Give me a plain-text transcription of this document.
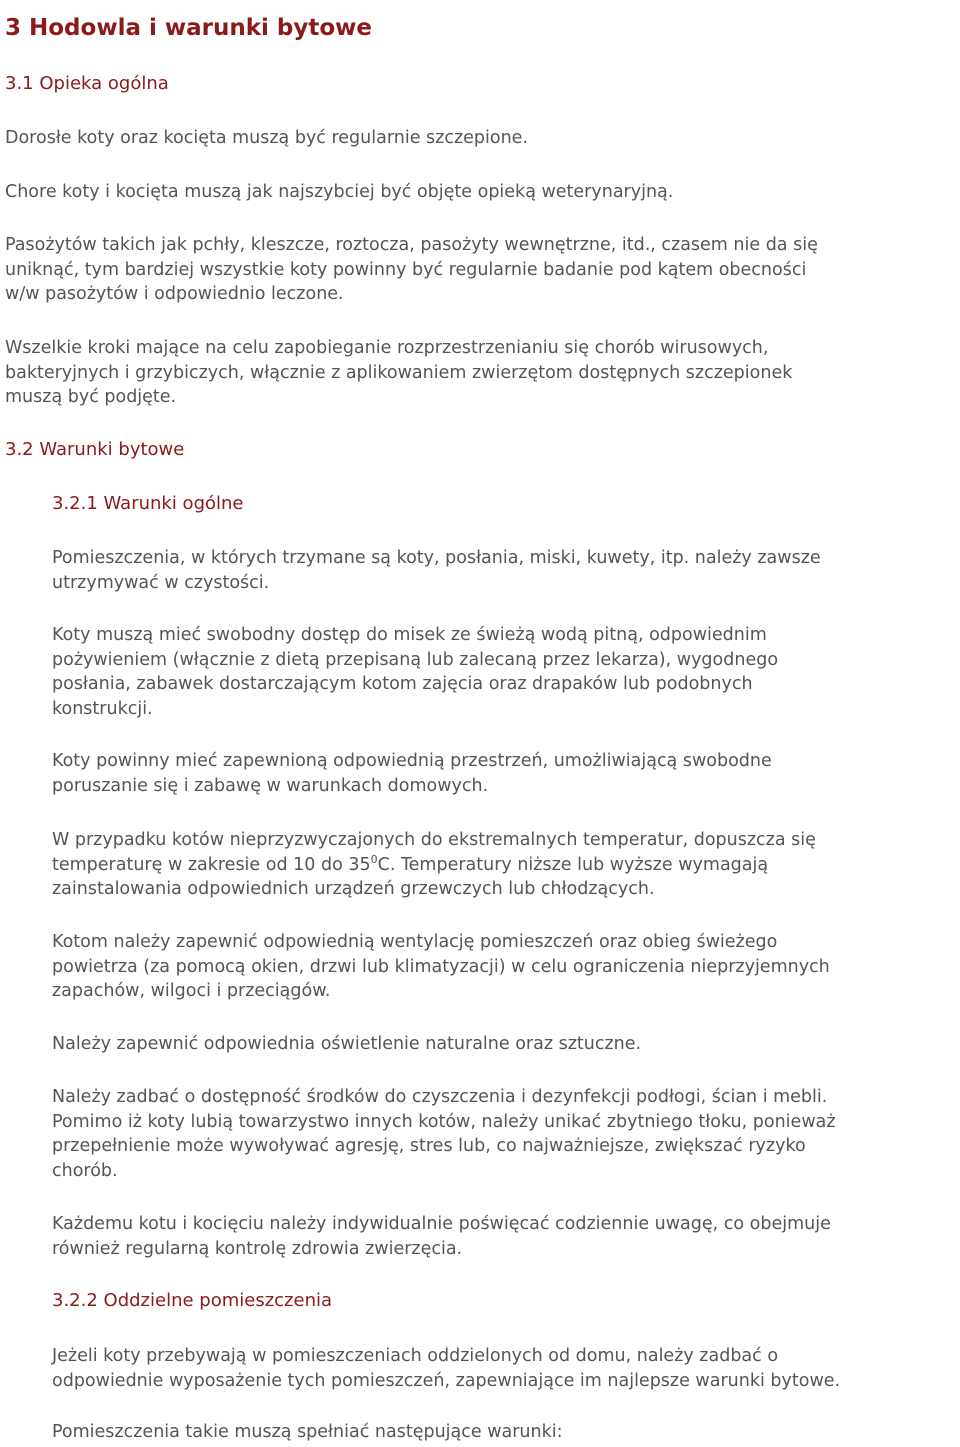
3 Hodowla i warunki bytowe
3.1 Opieka ogólna
Dorosłe koty oraz kocięta muszą być regularnie szczepione.
Chore koty i kocięta muszą jak najszybciej być objęte opieką weterynaryjną.
Pasożytów takich jak pchły, kleszcze, roztocza, pasożyty wewnętrzne, itd., czasem nie da się
uniknąć, tym bardziej wszystkie koty powinny być regularnie badanie pod kątem obecności
w/w pasożytów i odpowiednio leczone.
Wszelkie kroki mające na celu zapobieganie rozprzestrzenianiu się chorób wirusowych,
bakteryjnych i grzybiczych, włącznie z aplikowaniem zwierzętom dostępnych szczepionek
muszą być podjęte.
3.2 Warunki bytowe
3.2.1 Warunki ogólne
Pomieszczenia, w których trzymane są koty, posłania, miski, kuwety, itp. należy zawsze
utrzymywać w czystości.
Koty muszą mieć swobodny dostęp do misek ze świeżą wodą pitną, odpowiednim
pożywieniem (włącznie z dietą przepisaną lub zalecaną przez lekarza), wygodnego
posłania, zabawek dostarczającym kotom zajęcia oraz drapaków lub podobnych
konstrukcji.
Koty powinny mieć zapewnioną odpowiednią przestrzeń, umożliwiającą swobodne
poruszanie się i zabawę w warunkach domowych.
W przypadku kotów nieprzyzwyczajonych do ekstremalnych temperatur, dopuszcza się
temperaturę w zakresie od 10 do $35^0C$. Temperatury niższe lub wyższe wymagają
zainstalowania odpowiednich urządzeń grzewczych lub chłodzących.
Kotom należy zapewnić odpowiednią wentylację pomieszczeń oraz obieg świeżego
powietrza (za pomocą okien, drzwi lub klimatyzacji) w celu ograniczenia nieprzyjemnych
zapachów, wilgoci i przeciągów.
Należy zapewnić odpowiednia oświetlenie naturalne oraz sztuczne.
Należy zadbać o dostępność środków do czyszczenia i dezynfekcji podłogi, ścian i mebli.
Pomimo iż koty lubią towarzystwo innych kotów, należy unikać zbytniego tłoku, ponieważ
przepełnienie może wywoływać agresję, stres lub, co najważniejsze, zwiększać ryzyko
chorób.
Każdemu kotu i kocięciu należy indywidualnie poświęcać codziennie uwagę, co obejmuje
również regularną kontrolę zdrowia zwierzęcia.
3.2.2 Oddzielne pomieszczenia
Jeżeli koty przebywają w pomieszczeniach oddzielonych od domu, należy zadbać o
odpowiednie wyposażenie tych pomieszczeń, zapewniające im najlepsze warunki bytowe.
Pomieszczenia takie muszą spełniać następujące warunki:
